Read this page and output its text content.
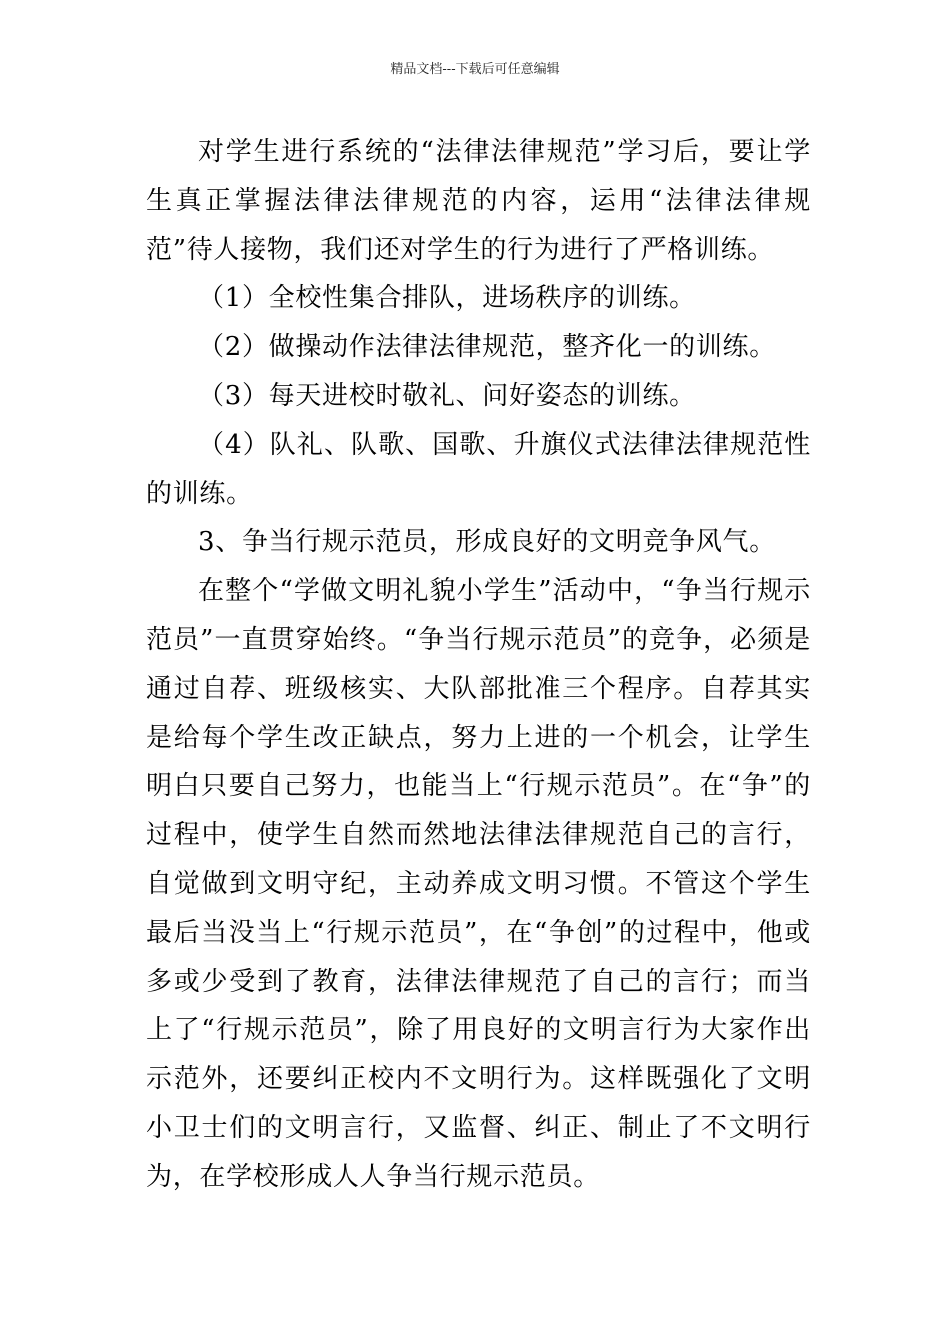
精品文档---下载后可任意编辑

对学生进行系统的“法律法律规范”学习后，要让学生真正掌握法律法律规范的内容，运用“法律法律规范”待人接物，我们还对学生的行为进行了严格训练。

（1）全校性集合排队，进场秩序的训练。

（2）做操动作法律法律规范，整齐化一的训练。

（3）每天进校时敬礼、问好姿态的训练。

（4）队礼、队歌、国歌、升旗仪式法律法律规范性的训练。

3、争当行规示范员，形成良好的文明竞争风气。

在整个“学做文明礼貌小学生”活动中，“争当行规示范员”一直贯穿始终。“争当行规示范员”的竞争，必须是通过自荐、班级核实、大队部批准三个程序。自荐其实是给每个学生改正缺点，努力上进的一个机会，让学生明白只要自己努力，也能当上“行规示范员”。在“争”的过程中，使学生自然而然地法律法律规范自己的言行，自觉做到文明守纪，主动养成文明习惯。不管这个学生最后当没当上“行规示范员”，在“争创”的过程中，他或多或少受到了教育，法律法律规范了自己的言行；而当上了“行规示范员”，除了用良好的文明言行为大家作出示范外，还要纠正校内不文明行为。这样既强化了文明小卫士们的文明言行，又监督、纠正、制止了不文明行为，在学校形成人人争当行规示范员。
